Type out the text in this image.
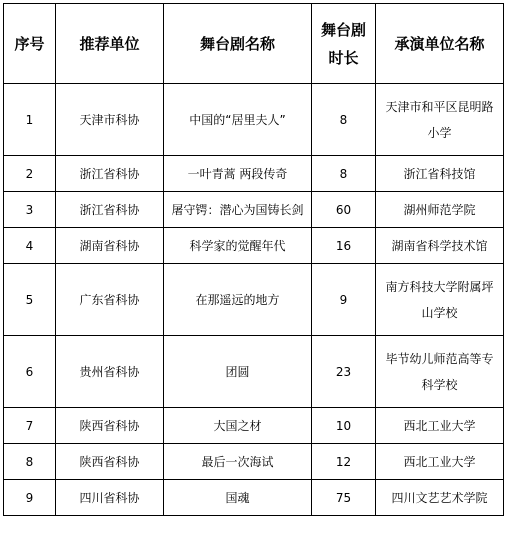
序号	推荐单位	舞台剧名称	舞台剧时长	承演单位名称
1	天津市科协	中国的“居里夫人”	8	天津市和平区昆明路小学
2	浙江省科协	一叶青蒿 两段传奇	8	浙江省科技馆
3	浙江省科协	屠守锷：潜心为国铸长剑	60	湖州师范学院
4	湖南省科协	科学家的觉醒年代	16	湖南省科学技术馆
5	广东省科协	在那遥远的地方	9	南方科技大学附属坪山学校
6	贵州省科协	团圆	23	毕节幼儿师范高等专科学校
7	陕西省科协	大国之材	10	西北工业大学
8	陕西省科协	最后一次海试	12	西北工业大学
9	四川省科协	国魂	75	四川文艺艺术学院
